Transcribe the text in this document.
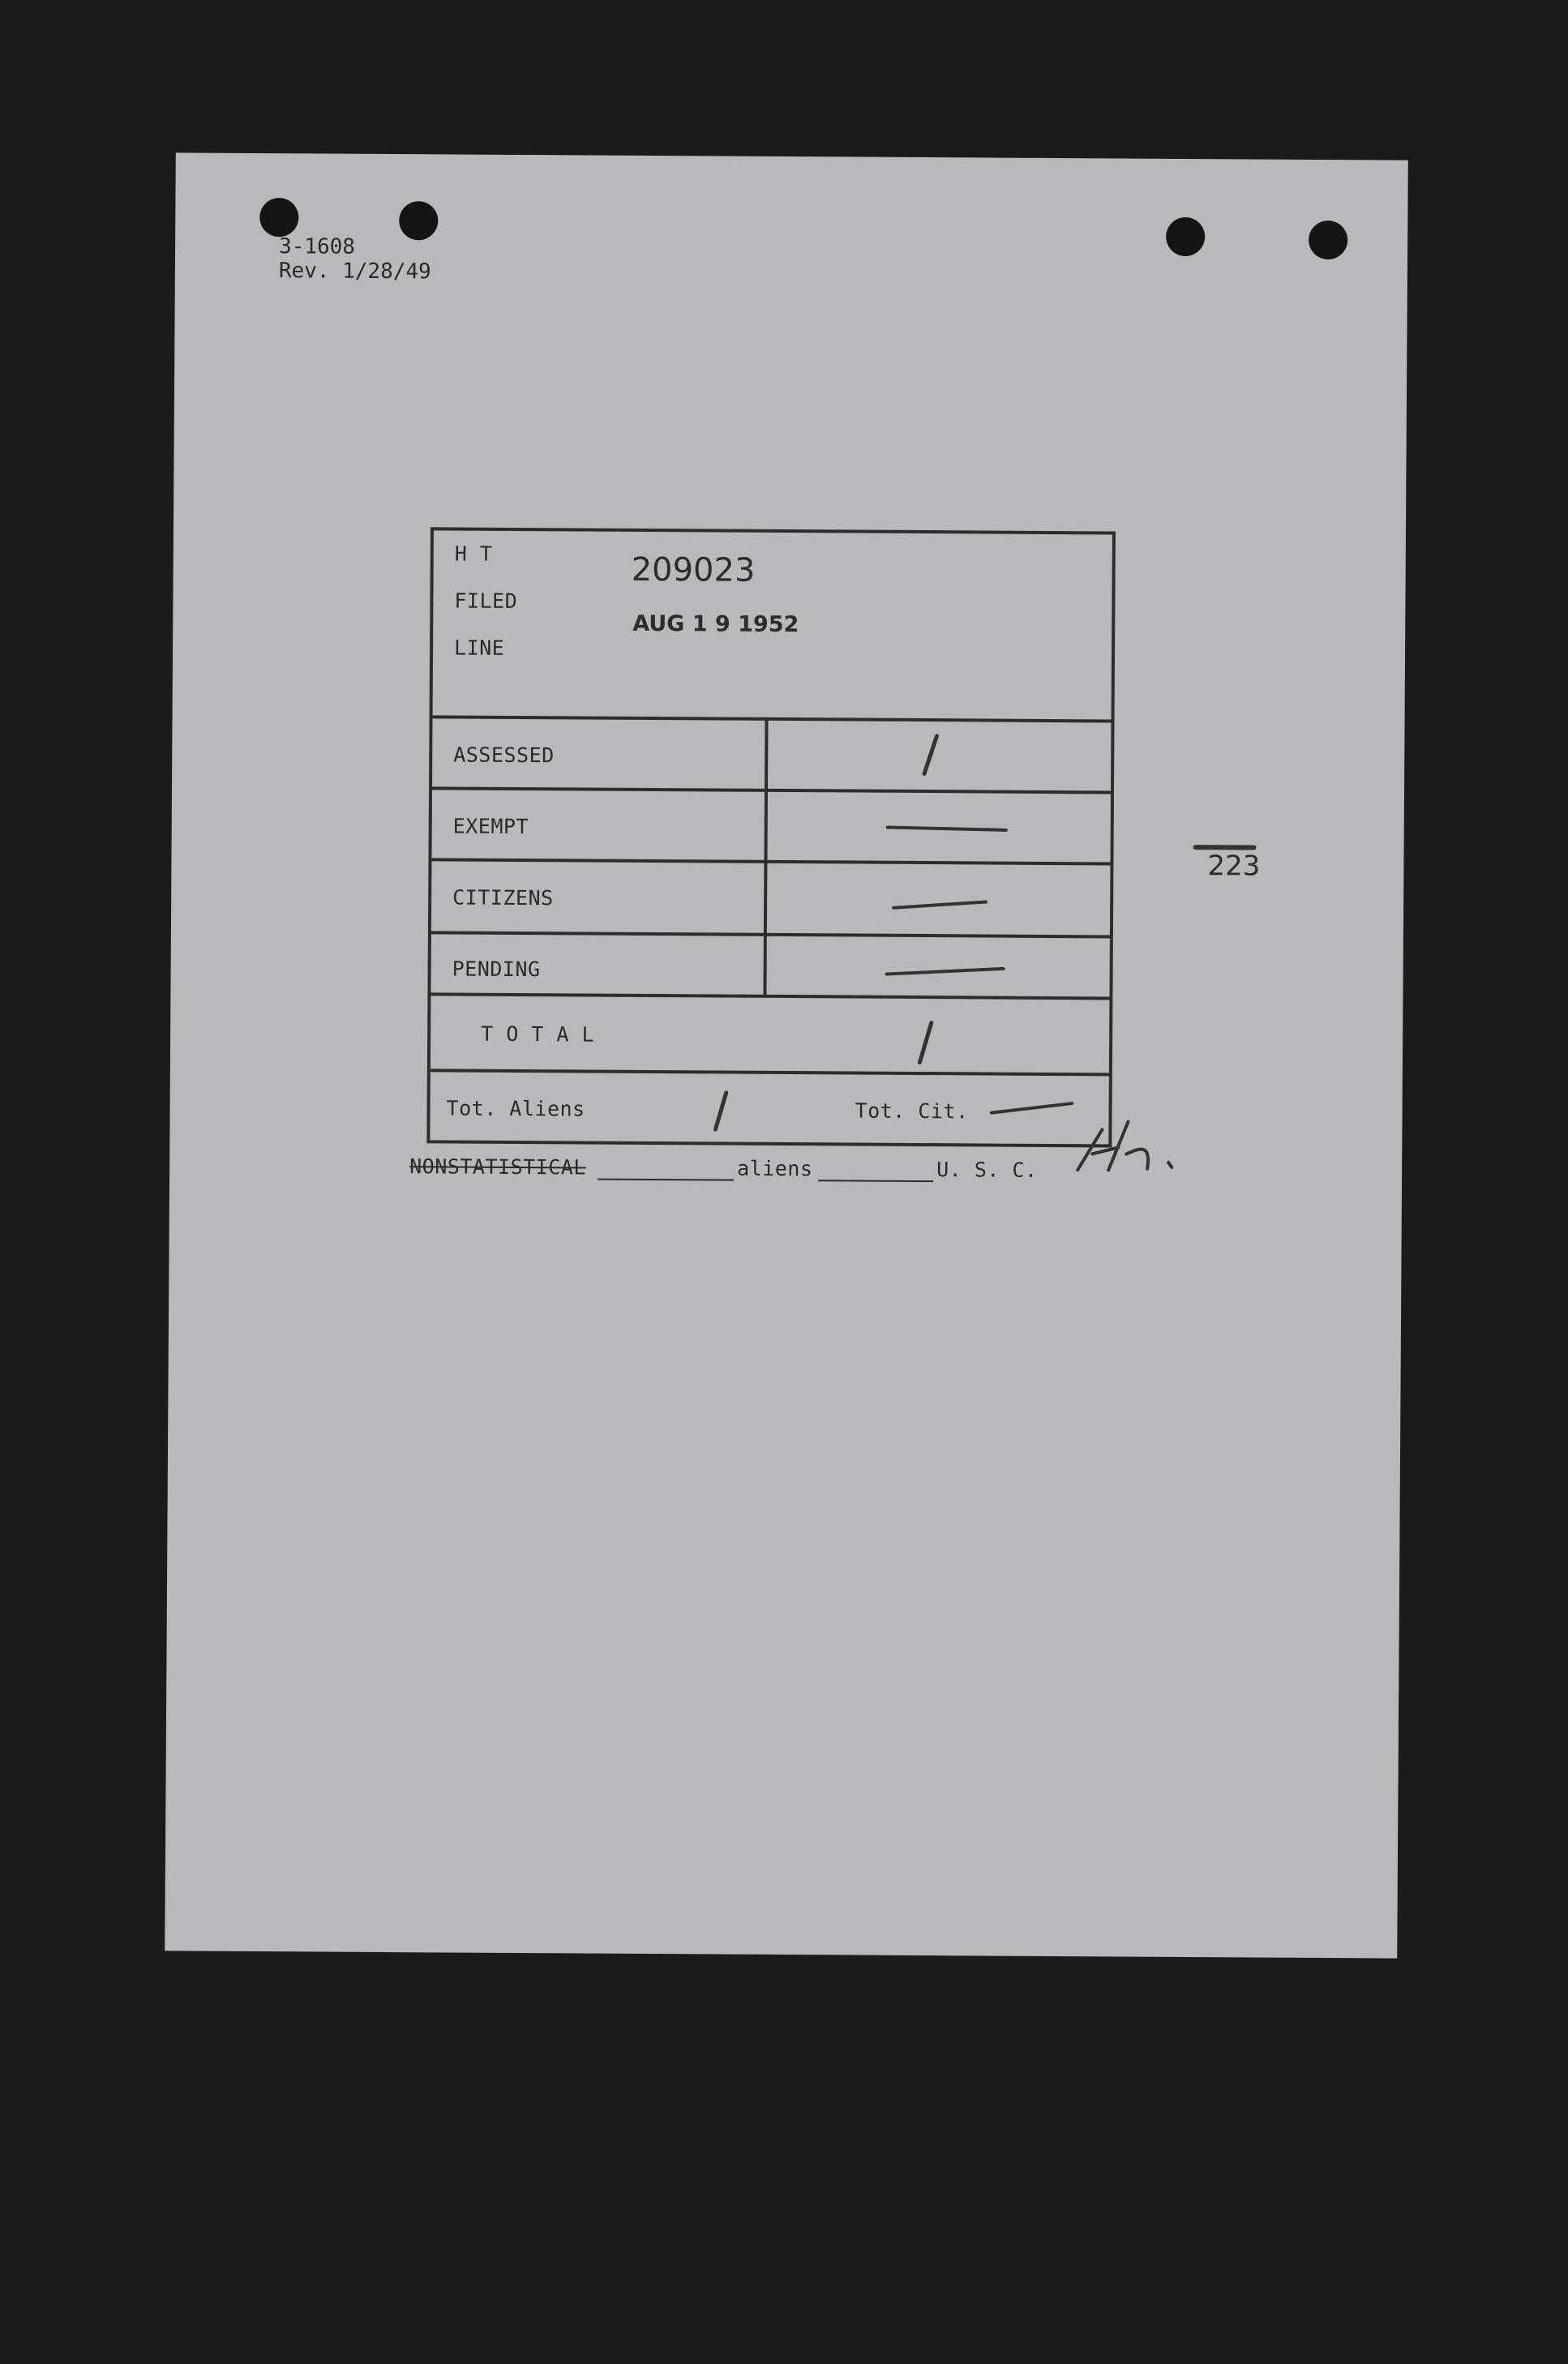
3-1608
Rev. 1/28/49
H T
FILED
LINE
209023
AUG 1 9 1952
ASSESSED
EXEMPT
CITIZENS
PENDING
T O T A L
Tot. Aliens	Tot. Cit.
NONSTATISTICAL	aliens	U. S. C.
223
